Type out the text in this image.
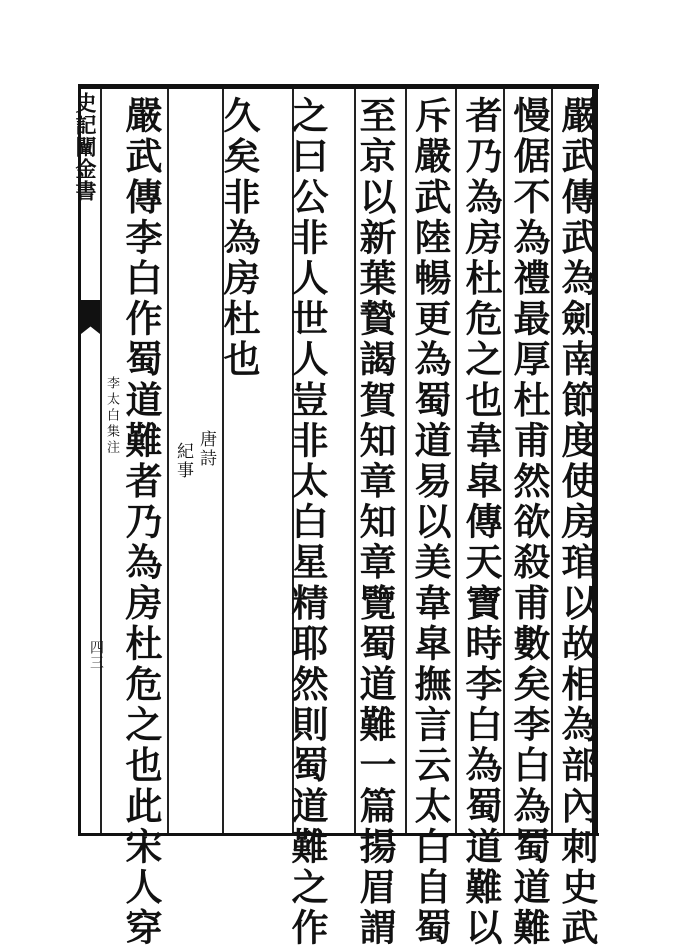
嚴武傳武為劍南節度使房琯以故相為部內刺史武
慢倨不為禮最厚杜甫然欲殺甫數矣李白為蜀道難
者乃為房杜危之也韋皐傳天寶時李白為蜀道難以
斥嚴武陸暢更為蜀道易以美韋皐撫言云太白自蜀
至京以新葉贄謁賀知章知章覽蜀道難一篇揚眉謂
之曰公非人世人豈非太白星精耶然則蜀道難之作
久矣非為房杜也
嚴武傳李白作蜀道難者乃為房杜危之也此宋人穿 唐詩
紀事
史記闡金書
李太白集注
四三
